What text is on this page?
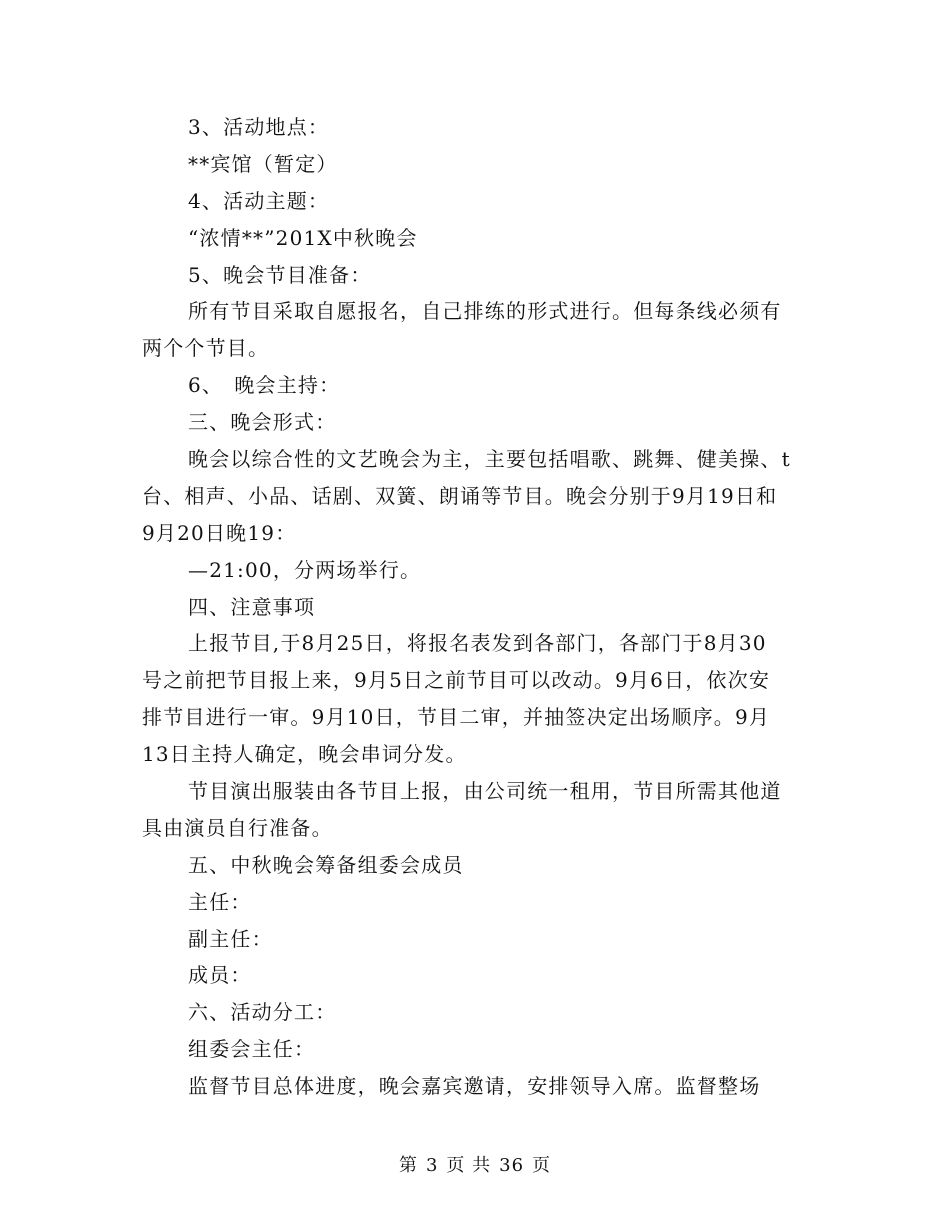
3、活动地点：
**宾馆（暂定）
4、活动主题：
“浓情**”201X中秋晚会
5、晚会节目准备：
所有节目采取自愿报名，自己排练的形式进行。但每条线必须有
两个个节目。
6、　晚会主持：
三、晚会形式：
晚会以综合性的文艺晚会为主，主要包括唱歌、跳舞、健美操、t
台、相声、小品、话剧、双簧、朗诵等节目。晚会分别于9月19日和
9月20日晚19：
—21:00，分两场举行。
四、注意事项
上报节目,于8月25日，将报名表发到各部门，各部门于8月30
号之前把节目报上来，9月5日之前节目可以改动。9月6日，依次安
排节目进行一审。9月10日，节目二审，并抽签决定出场顺序。9月
13日主持人确定，晚会串词分发。
节目演出服装由各节目上报，由公司统一租用，节目所需其他道
具由演员自行准备。
五、中秋晚会筹备组委会成员
主任：
副主任：
成员：
六、活动分工：
组委会主任：
监督节目总体进度，晚会嘉宾邀请，安排领导入席。监督整场
第 3 页 共 36 页
